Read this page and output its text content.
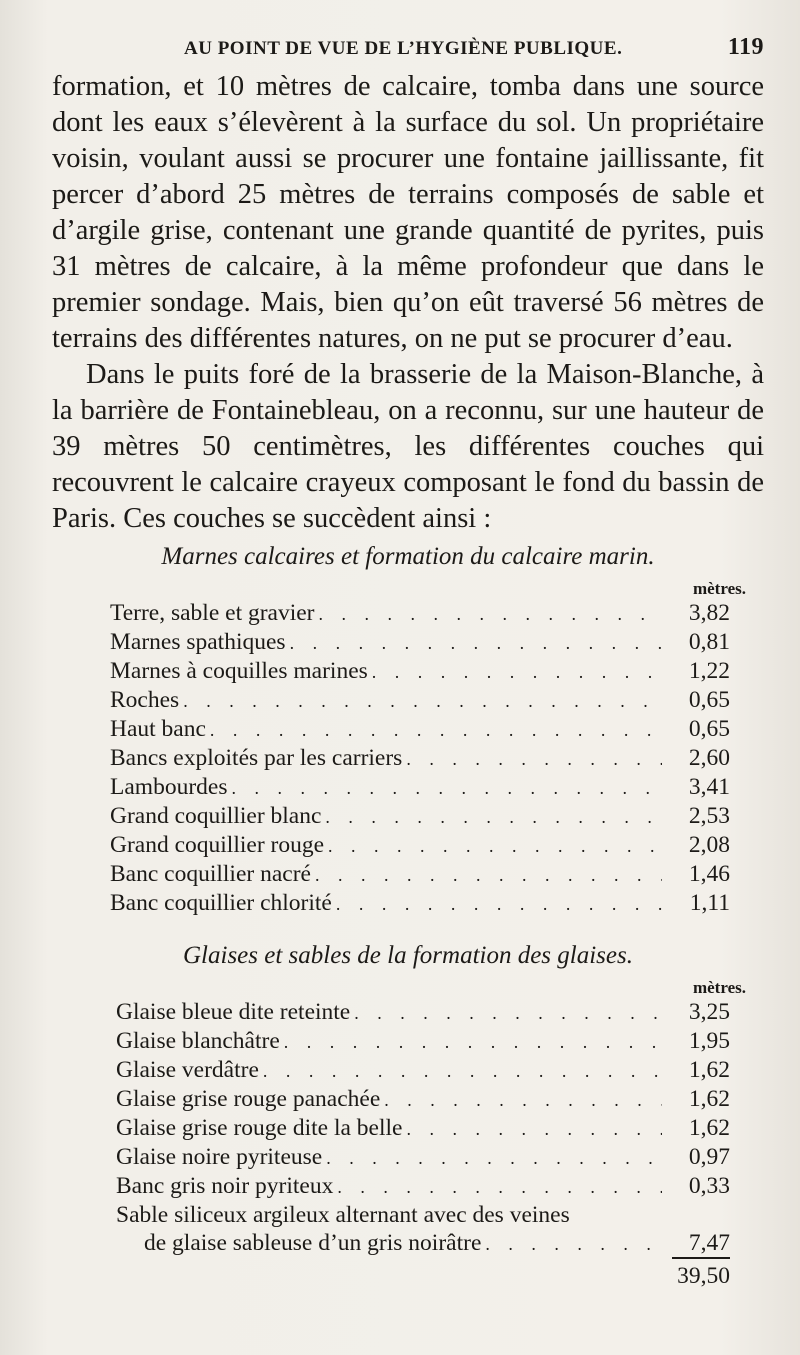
AU POINT DE VUE DE L’HYGIÈNE PUBLIQUE.	119

formation, et 10 mètres de calcaire, tomba dans une source dont les eaux s’élevèrent à la surface du sol. Un propriétaire voisin, voulant aussi se procurer une fontaine jaillissante, fit percer d’abord 25 mètres de terrains composés de sable et d’argile grise, contenant une grande quantité de pyrites, puis 31 mètres de calcaire, à la même profondeur que dans le premier sondage. Mais, bien qu’on eût traversé 56 mètres de terrains des différentes natures, on ne put se procurer d’eau.

Dans le puits foré de la brasserie de la Maison-Blanche, à la barrière de Fontainebleau, on a reconnu, sur une hauteur de 39 mètres 50 centimètres, les différentes couches qui recouvrent le calcaire crayeux composant le fond du bassin de Paris. Ces couches se succèdent ainsi :

Marnes calcaires et formation du calcaire marin.
mètres.
Terre, sable et gravier . . .	3,82
Marnes spathiques . . .	0,81
Marnes à coquilles marines . . .	1,22
Roches . . .	0,65
Haut banc . . .	0,65
Bancs exploités par les carriers . . .	2,60
Lambourdes . . .	3,41
Grand coquillier blanc . . .	2,53
Grand coquillier rouge . . .	2,08
Banc coquillier nacré . . .	1,46
Banc coquillier chlorité . . .	1,11
Glaises et sables de la formation des glaises.
mètres.
Glaise bleue dite reteinte . . .	3,25
Glaise blanchâtre . . .	1,95
Glaise verdâtre . . .	1,62
Glaise grise rouge panachée . . .	1,62
Glaise grise rouge dite la belle . . .	1,62
Glaise noire pyriteuse . . .	0,97
Banc gris noir pyriteux . . .	0,33
Sable siliceux argileux alternant avec des veines
de glaise sableuse d’un gris noirâtre . . .	7,47
39,50
